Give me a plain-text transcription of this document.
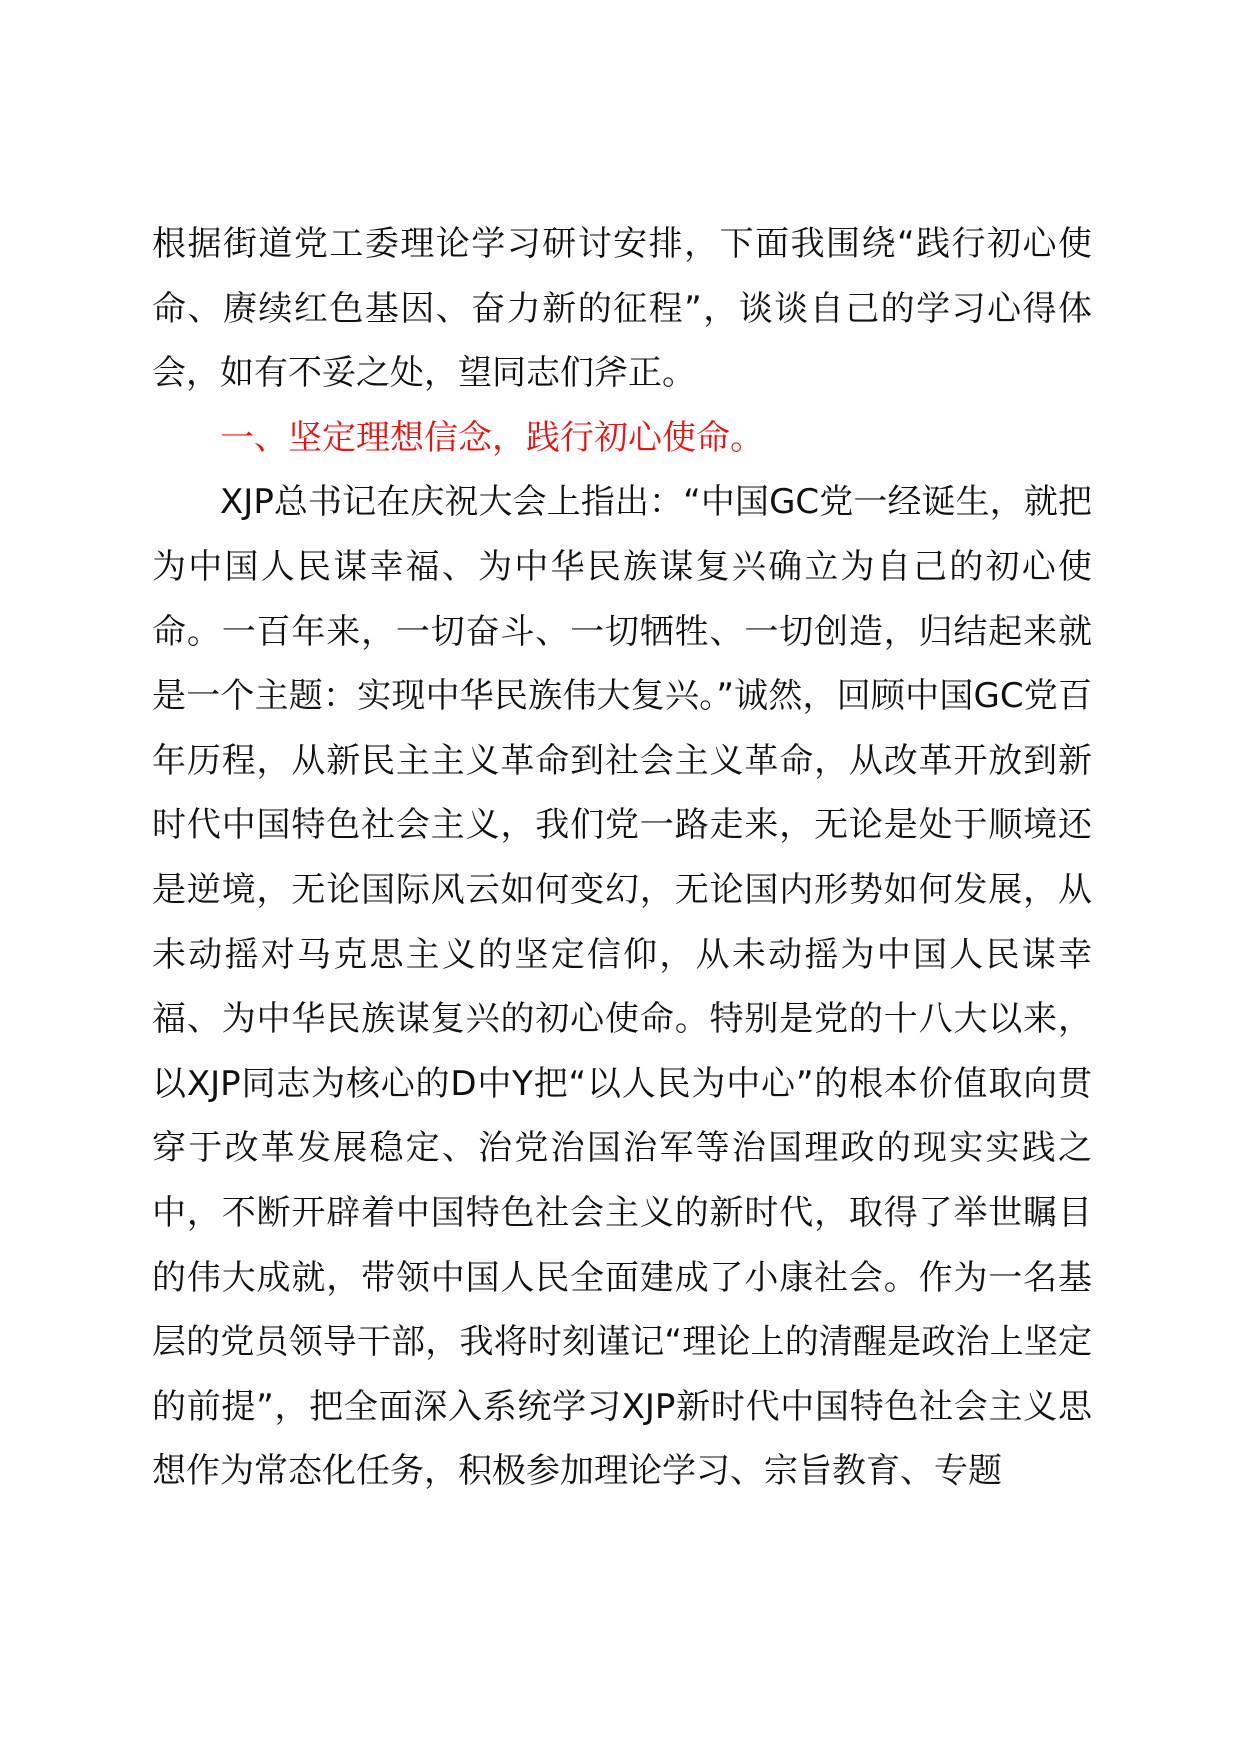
根据街道党工委理论学习研讨安排，下面我围绕“践行初心使命、赓续红色基因、奋力新的征程”，谈谈自己的学习心得体会，如有不妥之处，望同志们斧正。

一、坚定理想信念，践行初心使命。

XJP总书记在庆祝大会上指出：“中国GC党一经诞生，就把为中国人民谋幸福、为中华民族谋复兴确立为自己的初心使命。一百年来，一切奋斗、一切牺牲、一切创造，归结起来就是一个主题：实现中华民族伟大复兴。”诚然，回顾中国GC党百年历程，从新民主主义革命到社会主义革命，从改革开放到新时代中国特色社会主义，我们党一路走来，无论是处于顺境还是逆境，无论国际风云如何变幻，无论国内形势如何发展，从未动摇对马克思主义的坚定信仰，从未动摇为中国人民谋幸福、为中华民族谋复兴的初心使命。特别是党的十八大以来，以XJP同志为核心的D中Y把“以人民为中心”的根本价值取向贯穿于改革发展稳定、治党治国治军等治国理政的现实实践之中，不断开辟着中国特色社会主义的新时代，取得了举世瞩目的伟大成就，带领中国人民全面建成了小康社会。作为一名基层的党员领导干部，我将时刻谨记“理论上的清醒是政治上坚定的前提”，把全面深入系统学习XJP新时代中国特色社会主义思想作为常态化任务，积极参加理论学习、宗旨教育、专题
